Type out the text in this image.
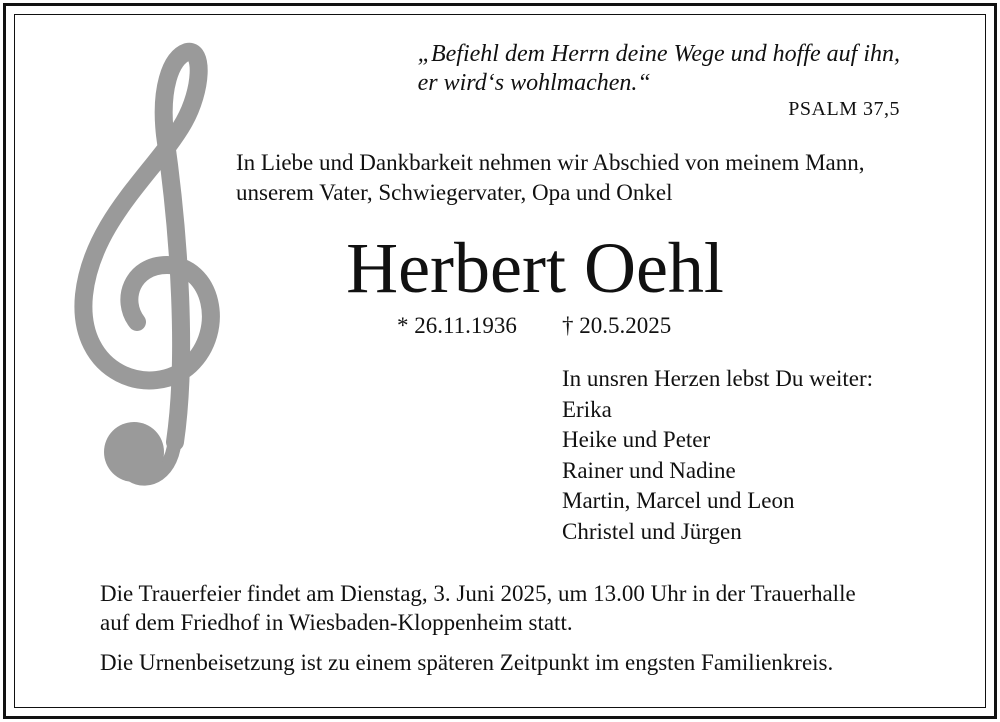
„Befiehl dem Herrn deine Wege und hoffe auf ihn,
er wird‘s wohlmachen.“
PSALM 37,5
In Liebe und Dankbarkeit nehmen wir Abschied von meinem Mann,
unserem Vater, Schwiegervater, Opa und Onkel
Herbert Oehl
* 26.11.1936 † 20.5.2025
In unsren Herzen lebst Du weiter:
Erika
Heike und Peter
Rainer und Nadine
Martin, Marcel und Leon
Christel und Jürgen
Die Trauerfeier findet am Dienstag, 3. Juni 2025, um 13.00 Uhr in der Trauerhalle
auf dem Friedhof in Wiesbaden-Kloppenheim statt.
Die Urnenbeisetzung ist zu einem späteren Zeitpunkt im engsten Familienkreis.
